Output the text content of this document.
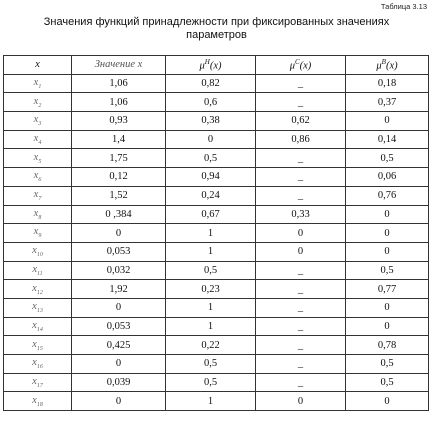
Таблица 3.13
Значения функций принадлежности при фиксированных значениях
параметров
x	Значение x	$\mu^H(x)$	$\mu^C(x)$	$\mu^B(x)$
$x_1$	1,06	0,82	_	0,18
$x_2$	1,06	0,6	_	0,37
$x_3$	0,93	0,38	0,62	0
$x_4$	1,4	0	0,86	0,14
$x_5$	1,75	0,5	_	0,5
$x_6$	0,12	0,94	_	0,06
$x_7$	1,52	0,24	_	0,76
$x_8$	0 ,384	0,67	0,33	0
$x_9$	0	1	0	0
$x_{10}$	0,053	1	0	0
$x_{11}$	0,032	0,5	_	0,5
$x_{12}$	1,92	0,23	_	0,77
$x_{13}$	0	1	_	0
$x_{14}$	0,053	1	_	0
$x_{15}$	0,425	0,22	_	0,78
$x_{16}$	0	0,5	_	0,5
$x_{17}$	0,039	0,5	_	0,5
$x_{18}$	0	1	0	0
